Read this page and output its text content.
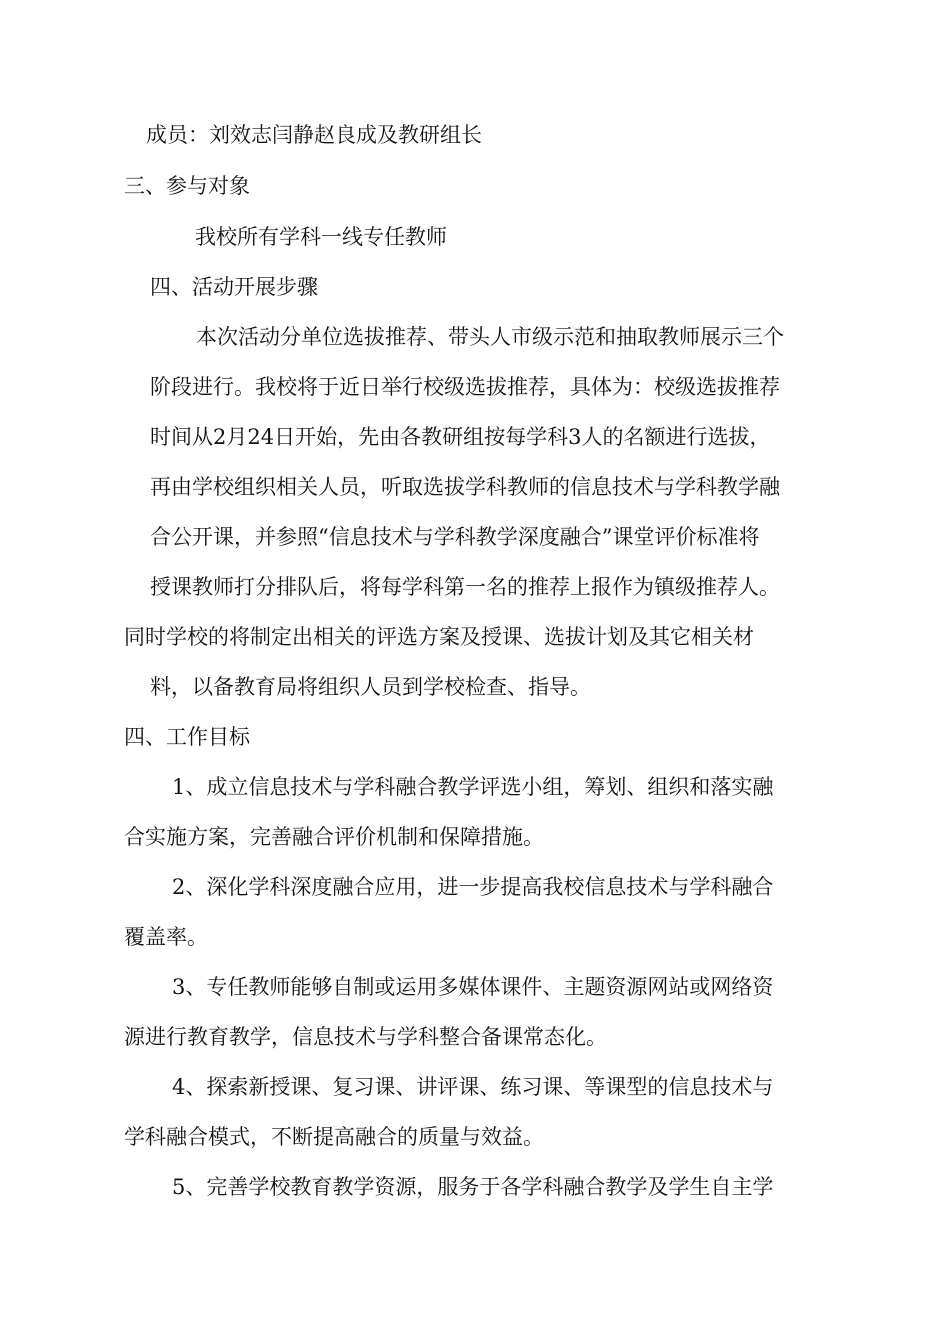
成员：刘效志闫静赵良成及教研组长
三、参与对象
我校所有学科一线专任教师
四、活动开展步骤
本次活动分单位选拔推荐、带头人市级示范和抽取教师展示三个
阶段进行。我校将于近日举行校级选拔推荐，具体为：校级选拔推荐
时间从2月24日开始，先由各教研组按每学科3人的名额进行选拔，
再由学校组织相关人员，听取选拔学科教师的信息技术与学科教学融
合公开课，并参照“信息技术与学科教学深度融合”课堂评价标准将
授课教师打分排队后，将每学科第一名的推荐上报作为镇级推荐人。
同时学校的将制定出相关的评选方案及授课、选拔计划及其它相关材
料，以备教育局将组织人员到学校检查、指导。
四、工作目标
1、成立信息技术与学科融合教学评选小组，筹划、组织和落实融
合实施方案，完善融合评价机制和保障措施。
2、深化学科深度融合应用，进一步提高我校信息技术与学科融合
覆盖率。
3、专任教师能够自制或运用多媒体课件、主题资源网站或网络资
源进行教育教学，信息技术与学科整合备课常态化。
4、探索新授课、复习课、讲评课、练习课、等课型的信息技术与
学科融合模式，不断提高融合的质量与效益。
5、完善学校教育教学资源，服务于各学科融合教学及学生自主学
